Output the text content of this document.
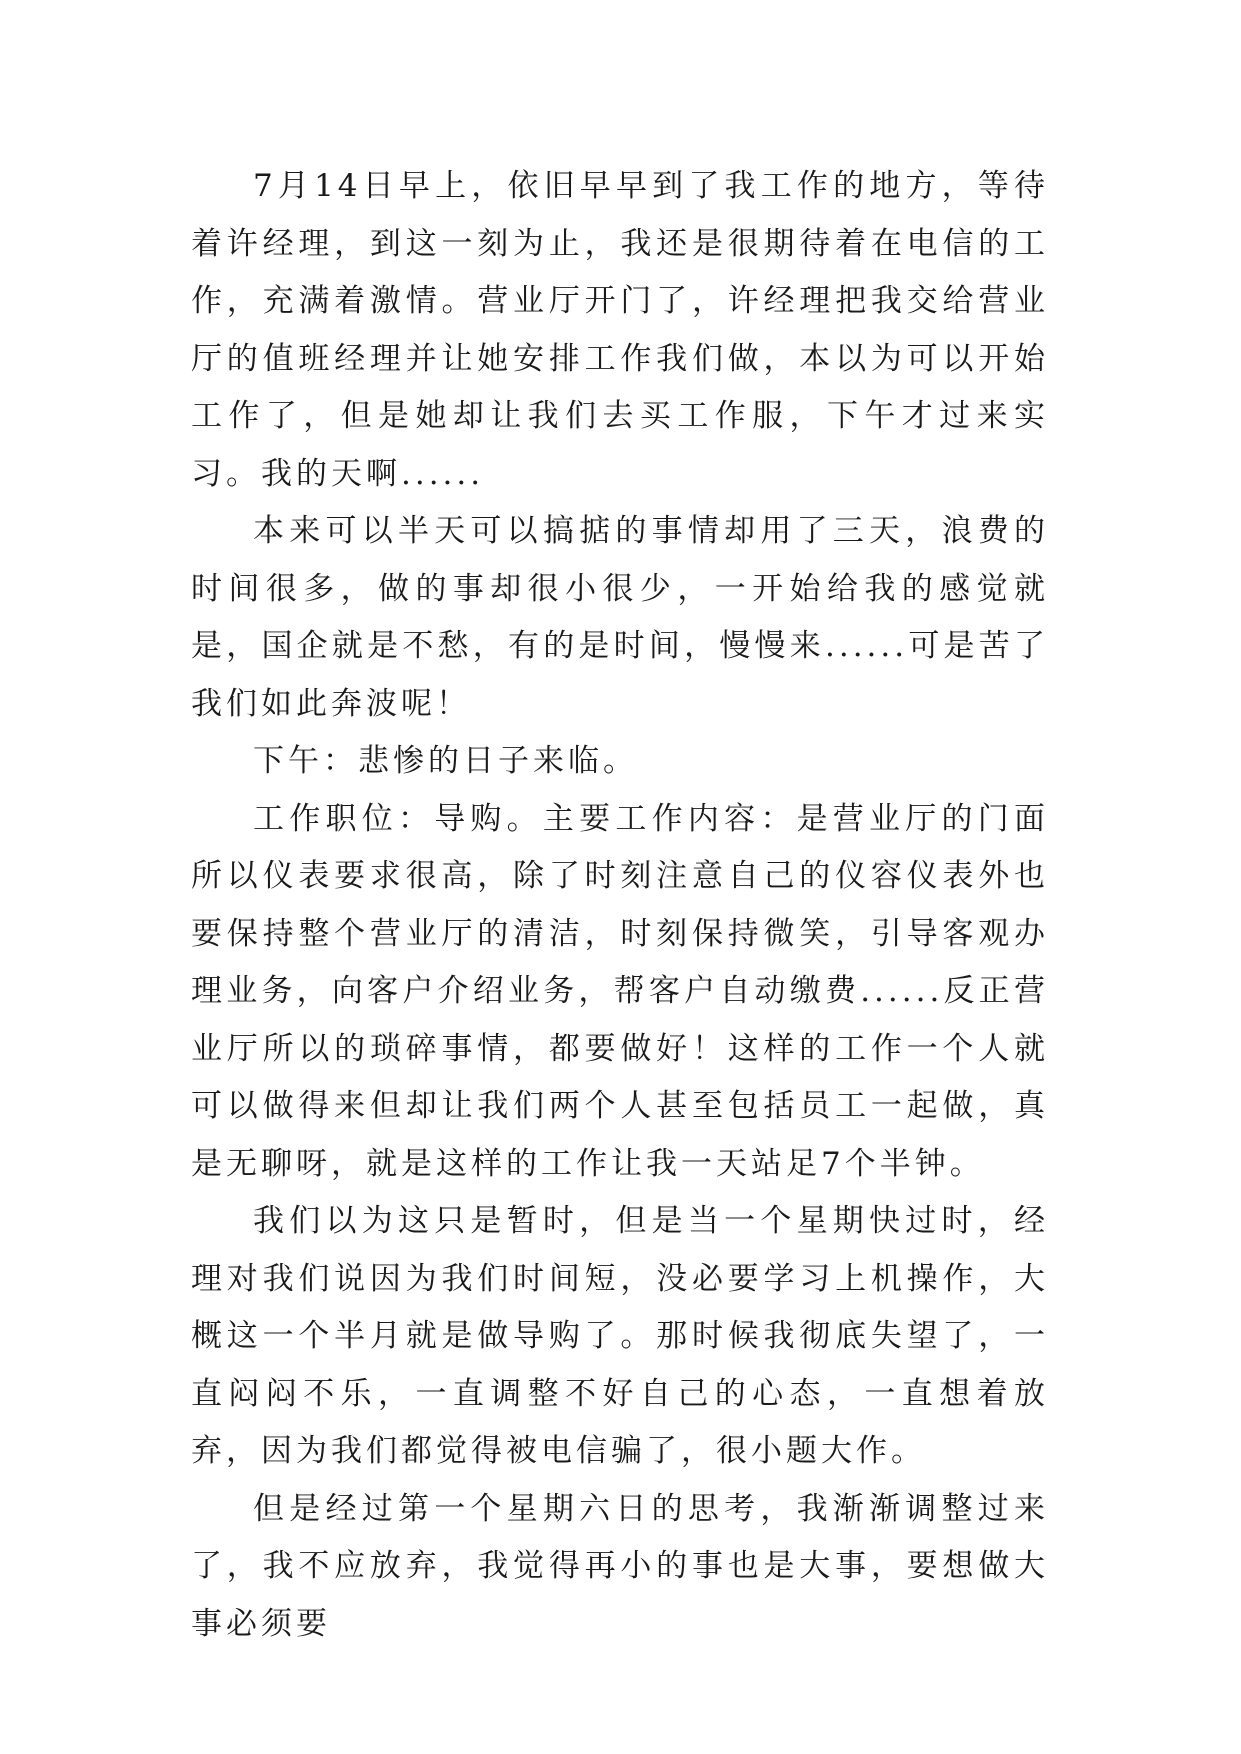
7月14日早上，依旧早早到了我工作的地方，等待着许经理，到这一刻为止，我还是很期待着在电信的工作，充满着激情。营业厅开门了，许经理把我交给营业厅的值班经理并让她安排工作我们做，本以为可以开始工作了，但是她却让我们去买工作服，下午才过来实习。我的天啊......

本来可以半天可以搞掂的事情却用了三天，浪费的时间很多，做的事却很小很少，一开始给我的感觉就是，国企就是不愁，有的是时间，慢慢来......可是苦了我们如此奔波呢！

下午：悲惨的日子来临。

工作职位：导购。主要工作内容：是营业厅的门面所以仪表要求很高，除了时刻注意自己的仪容仪表外也要保持整个营业厅的清洁，时刻保持微笑，引导客观办理业务，向客户介绍业务，帮客户自动缴费......反正营业厅所以的琐碎事情，都要做好！这样的工作一个人就可以做得来但却让我们两个人甚至包括员工一起做，真是无聊呀，就是这样的工作让我一天站足7个半钟。

我们以为这只是暂时，但是当一个星期快过时，经理对我们说因为我们时间短，没必要学习上机操作，大概这一个半月就是做导购了。那时候我彻底失望了，一直闷闷不乐，一直调整不好自己的心态，一直想着放弃，因为我们都觉得被电信骗了，很小题大作。

但是经过第一个星期六日的思考，我渐渐调整过来了，我不应放弃，我觉得再小的事也是大事，要想做大事必须要
